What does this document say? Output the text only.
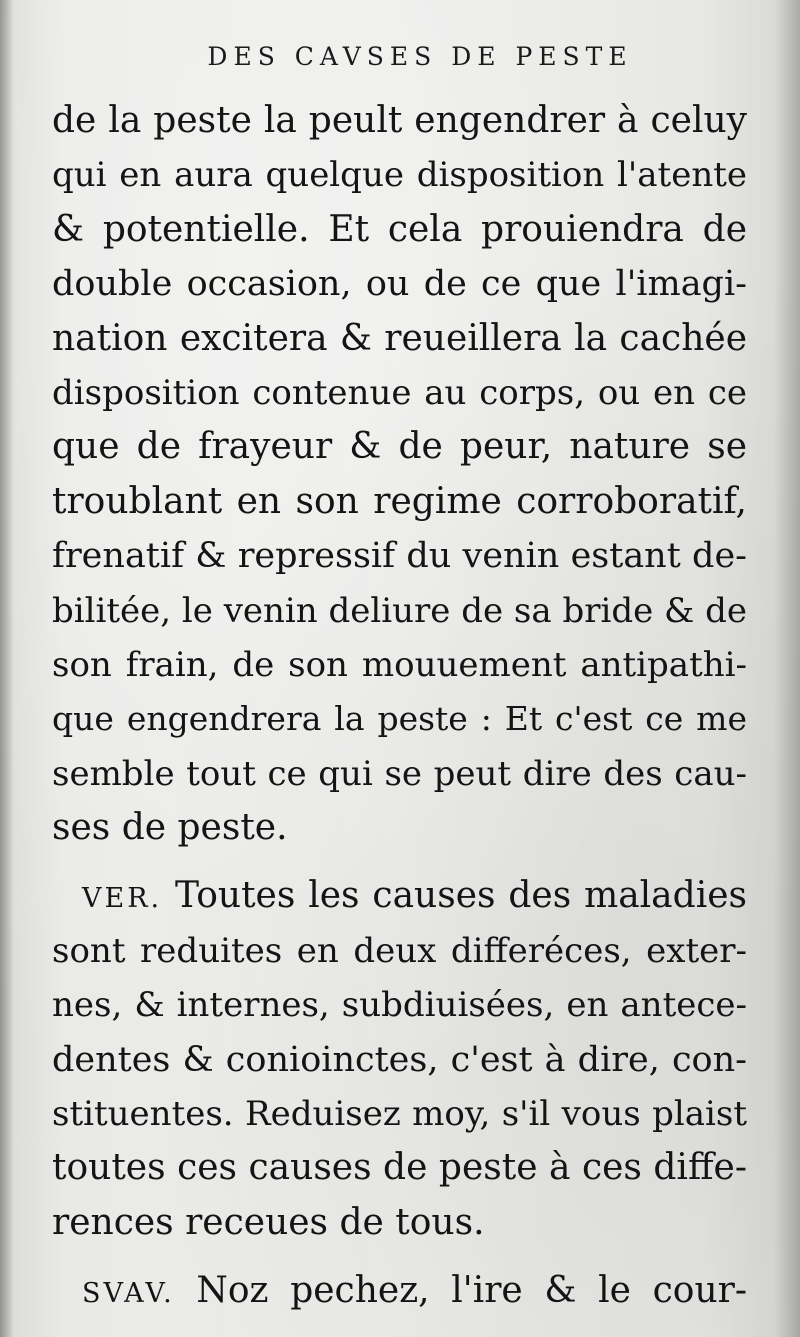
DES CAVSES DE PESTE
de la peste la peult engendrer à celuy
qui en aura quelque disposition l'atente
& potentielle. Et cela prouiendra de
double occasion, ou de ce que l'imagi-
nation excitera & reueillera la cachée
disposition contenue au corps, ou en ce
que de frayeur & de peur, nature se
troublant en son regime corroboratif,
frenatif & repressif du venin estant de-
bilitée, le venin deliure de sa bride & de
son frain, de son mouuement antipathi-
que engendrera la peste : Et c'est ce me
semble tout ce qui se peut dire des cau-
ses de peste.
VER. Toutes les causes des maladies
sont reduites en deux differéces, exter-
nes, & internes, subdiuisées, en antece-
dentes & conioinctes, c'est à dire, con-
stituentes. Reduisez moy, s'il vous plaist
toutes ces causes de peste à ces diffe-
rences receues de tous.
SVAV. Noz pechez, l'ire & le cour-
